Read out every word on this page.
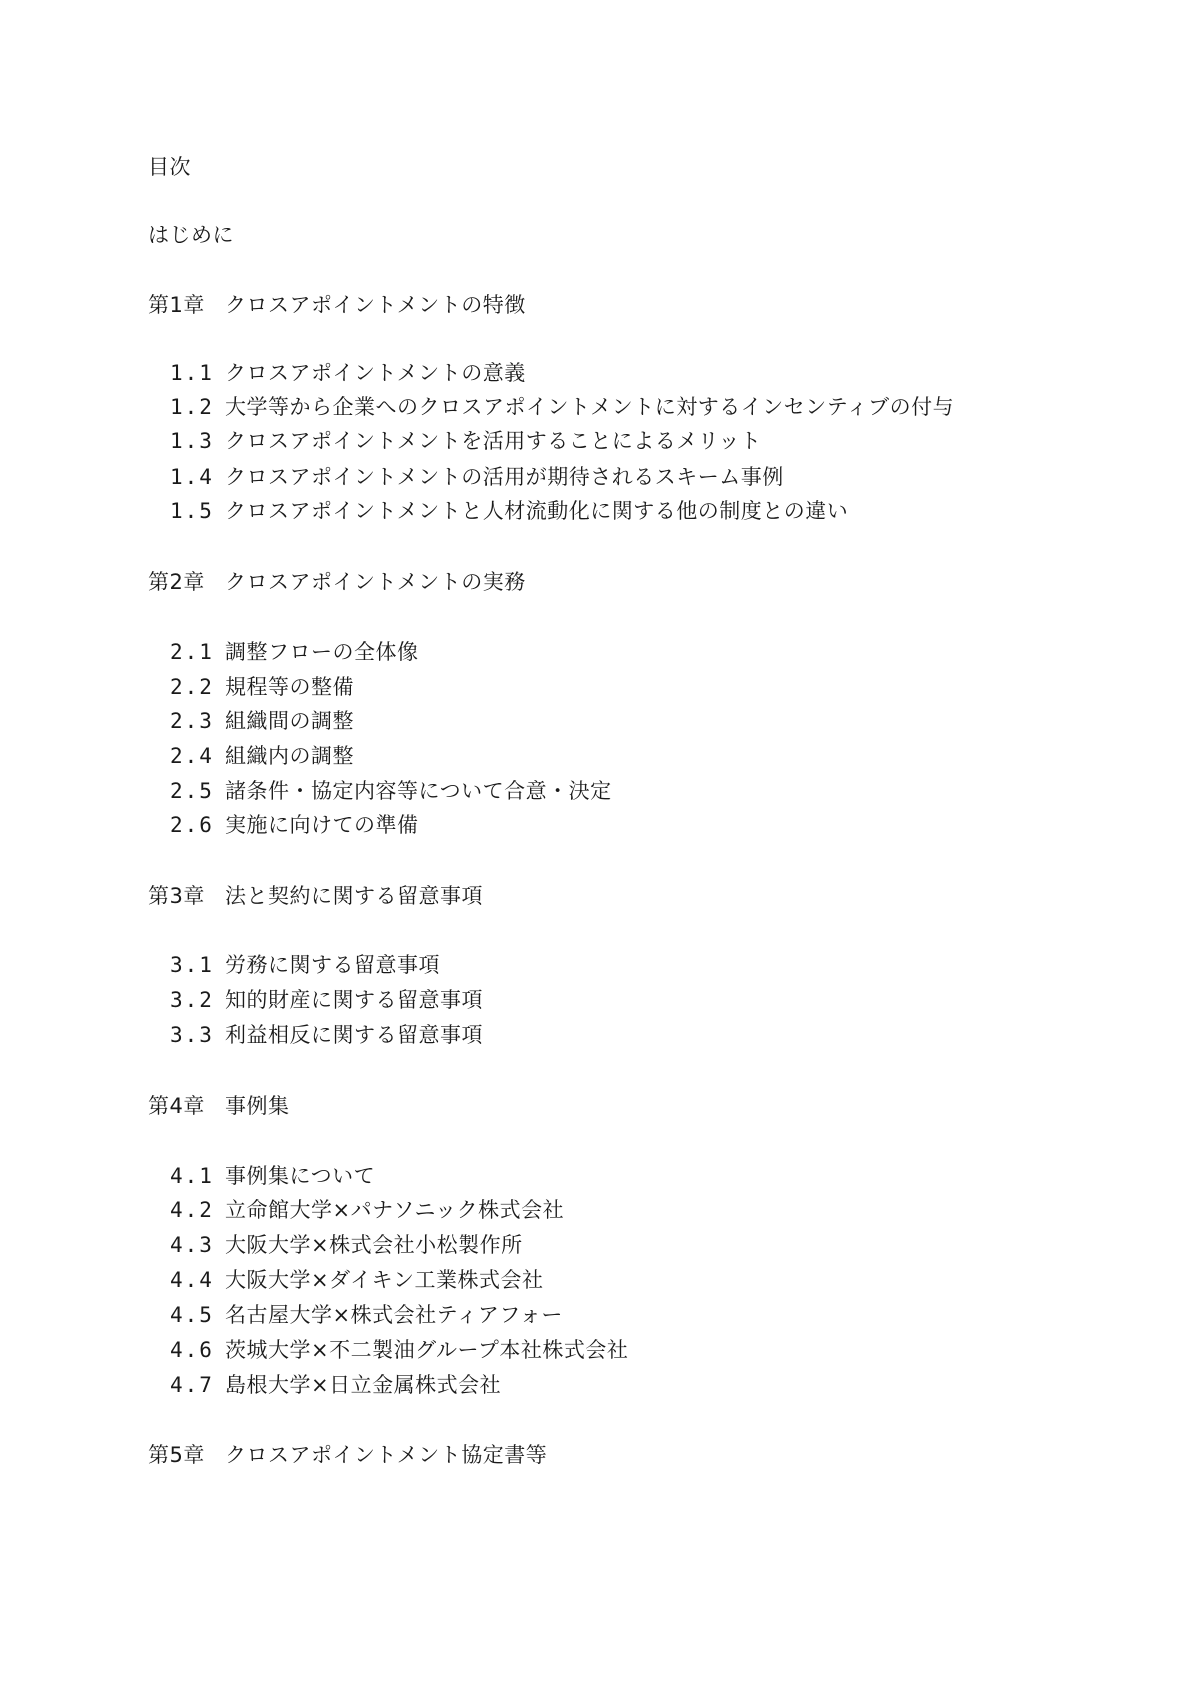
目次
はじめに
第1章 クロスアポイントメントの特徴
1.1 クロスアポイントメントの意義
1.2 大学等から企業へのクロスアポイントメントに対するインセンティブの付与
1.3 クロスアポイントメントを活用することによるメリット
1.4 クロスアポイントメントの活用が期待されるスキーム事例
1.5 クロスアポイントメントと人材流動化に関する他の制度との違い
第2章 クロスアポイントメントの実務
2.1 調整フローの全体像
2.2 規程等の整備
2.3 組織間の調整
2.4 組織内の調整
2.5 諸条件・協定内容等について合意・決定
2.6 実施に向けての準備
第3章 法と契約に関する留意事項
3.1 労務に関する留意事項
3.2 知的財産に関する留意事項
3.3 利益相反に関する留意事項
第4章 事例集
4.1 事例集について
4.2 立命館大学×パナソニック株式会社
4.3 大阪大学×株式会社小松製作所
4.4 大阪大学×ダイキン工業株式会社
4.5 名古屋大学×株式会社ティアフォー
4.6 茨城大学×不二製油グループ本社株式会社
4.7 島根大学×日立金属株式会社
第5章 クロスアポイントメント協定書等
